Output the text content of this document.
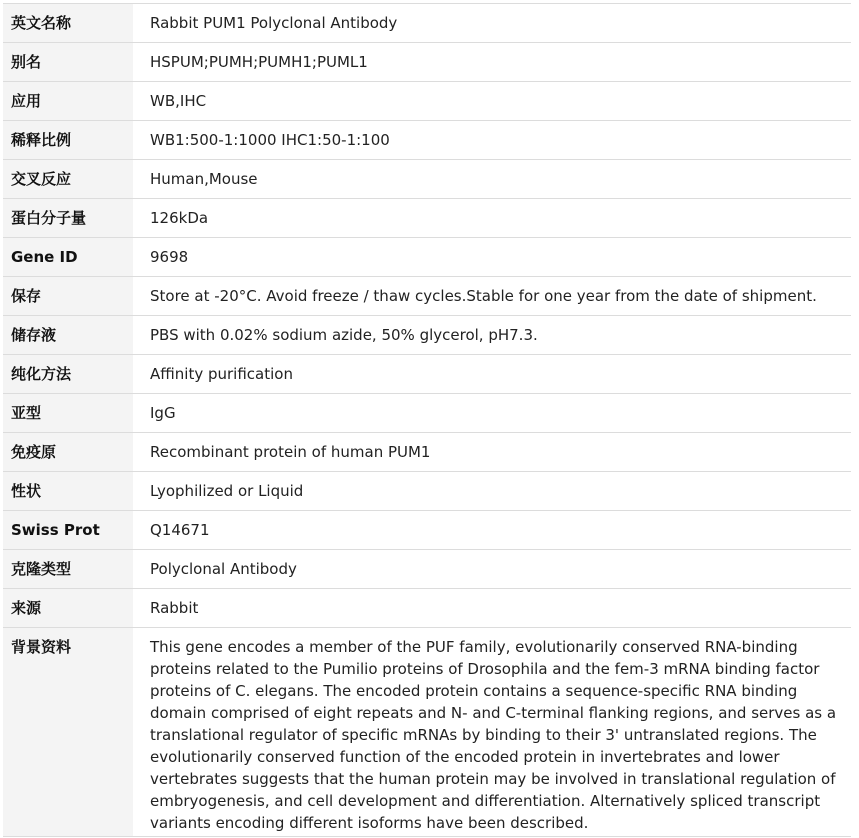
英文名称	Rabbit PUM1 Polyclonal Antibody
别名	HSPUM;PUMH;PUMH1;PUML1
应用	WB,IHC
稀释比例	WB1:500-1:1000 IHC1:50-1:100
交叉反应	Human,Mouse
蛋白分子量	126kDa
Gene ID	9698
保存	Store at -20°C. Avoid freeze / thaw cycles.Stable for one year from the date of shipment.
储存液	PBS with 0.02% sodium azide, 50% glycerol, pH7.3.
纯化方法	Affinity purification
亚型	IgG
免疫原	Recombinant protein of human PUM1
性状	Lyophilized or Liquid
Swiss Prot	Q14671
克隆类型	Polyclonal Antibody
来源	Rabbit
背景资料	This gene encodes a member of the PUF family, evolutionarily conserved RNA-binding proteins related to the Pumilio proteins of Drosophila and the fem-3 mRNA binding factor proteins of C. elegans. The encoded protein contains a sequence-specific RNA binding domain comprised of eight repeats and N- and C-terminal flanking regions, and serves as a translational regulator of specific mRNAs by binding to their 3' untranslated regions. The evolutionarily conserved function of the encoded protein in invertebrates and lower vertebrates suggests that the human protein may be involved in translational regulation of embryogenesis, and cell development and differentiation. Alternatively spliced transcript variants encoding different isoforms have been described.
